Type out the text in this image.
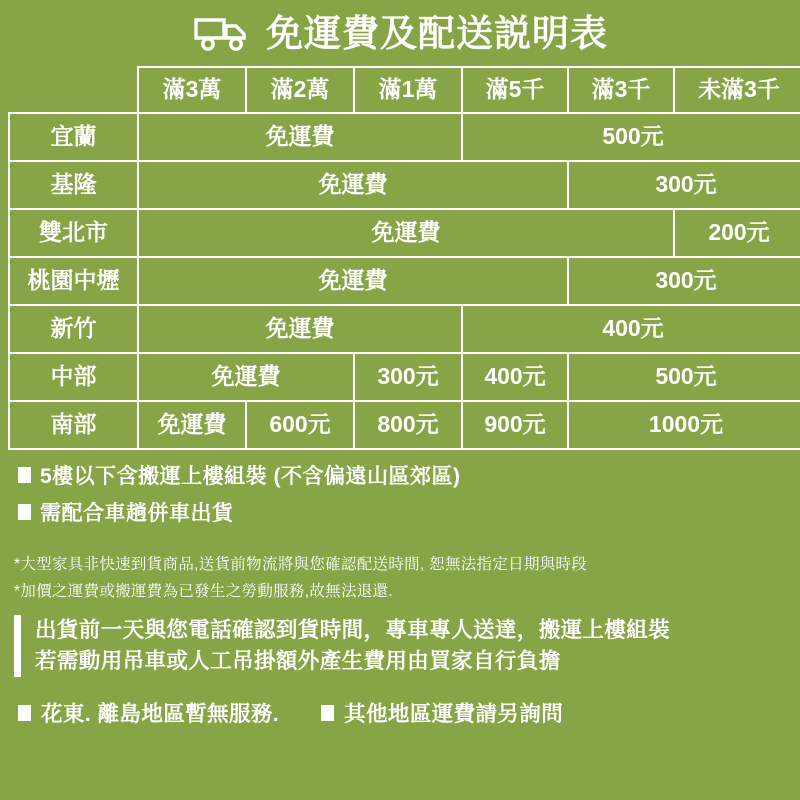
免運費及配送説明表
	滿3萬	滿2萬	滿1萬	滿5千	滿3千	未滿3千
宜蘭	免運費			500元		
基隆	免運費				300元	
雙北市	免運費					200元
桃園中壢	免運費				300元	
新竹	免運費			400元		
中部	免運費		300元	400元	500元	
南部	免運費	600元	800元	900元	1000元	
5樓以下含搬運上樓組裝 (不含偏遠山區郊區)
需配合車趟併車出貨
*大型家具非快速到貨商品,送貨前物流將與您確認配送時間, 恕無法指定日期與時段
*加價之運費或搬運費為已發生之勞動服務,故無法退還.
出貨前一天與您電話確認到貨時間，專車專人送達，搬運上樓組裝
若需動用吊車或人工吊掛額外產生費用由買家自行負擔
花東. 離島地區暫無服務.	其他地區運費請另詢問
